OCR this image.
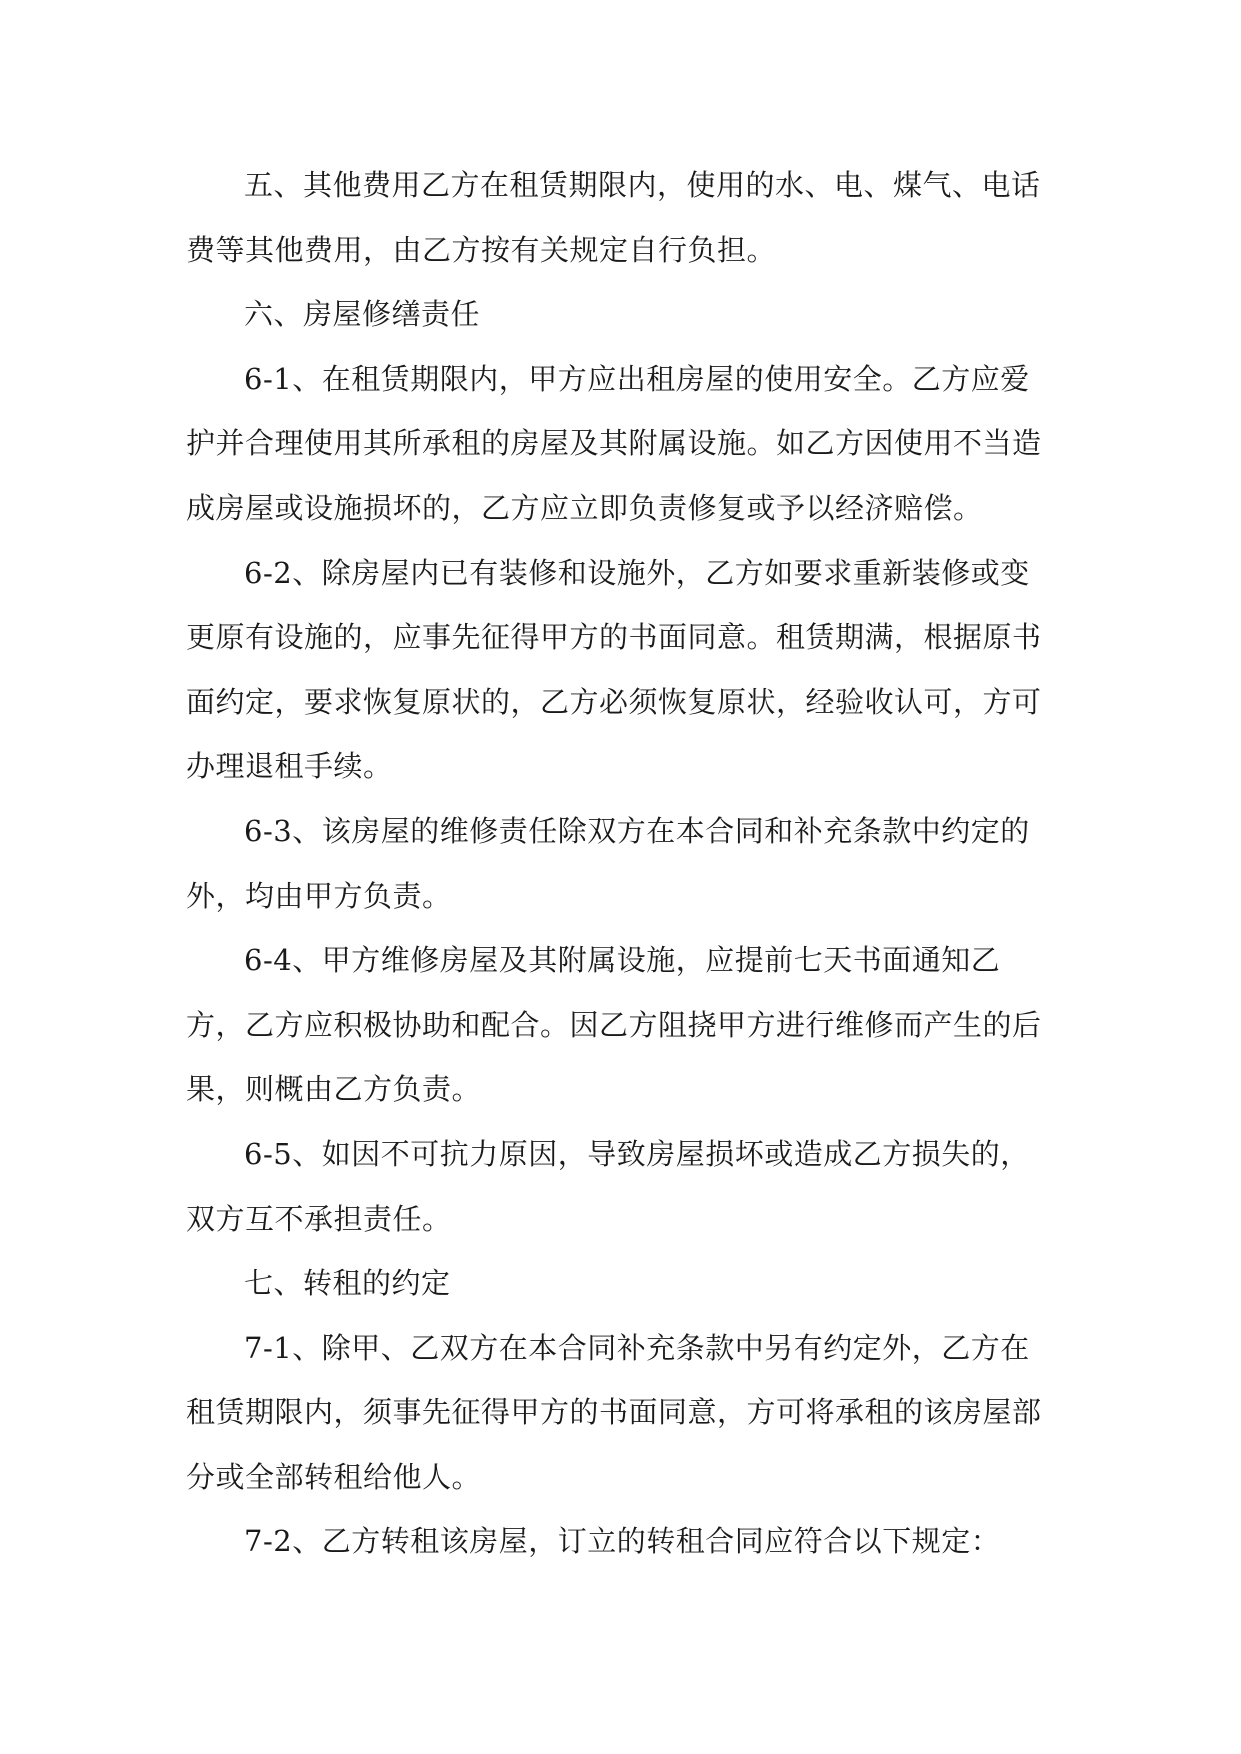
五、其他费用乙方在租赁期限内，使用的水、电、煤气、电话费等其他费用，由乙方按有关规定自行负担。

六、房屋修缮责任

6-1、在租赁期限内，甲方应出租房屋的使用安全。乙方应爱护并合理使用其所承租的房屋及其附属设施。如乙方因使用不当造成房屋或设施损坏的，乙方应立即负责修复或予以经济赔偿。

6-2、除房屋内已有装修和设施外，乙方如要求重新装修或变更原有设施的，应事先征得甲方的书面同意。租赁期满，根据原书面约定，要求恢复原状的，乙方必须恢复原状，经验收认可，方可办理退租手续。

6-3、该房屋的维修责任除双方在本合同和补充条款中约定的外，均由甲方负责。

6-4、甲方维修房屋及其附属设施，应提前七天书面通知乙方，乙方应积极协助和配合。因乙方阻挠甲方进行维修而产生的后果，则概由乙方负责。

6-5、如因不可抗力原因，导致房屋损坏或造成乙方损失的，双方互不承担责任。

七、转租的约定

7-1、除甲、乙双方在本合同补充条款中另有约定外，乙方在租赁期限内，须事先征得甲方的书面同意，方可将承租的该房屋部分或全部转租给他人。

7-2、乙方转租该房屋，订立的转租合同应符合以下规定：
